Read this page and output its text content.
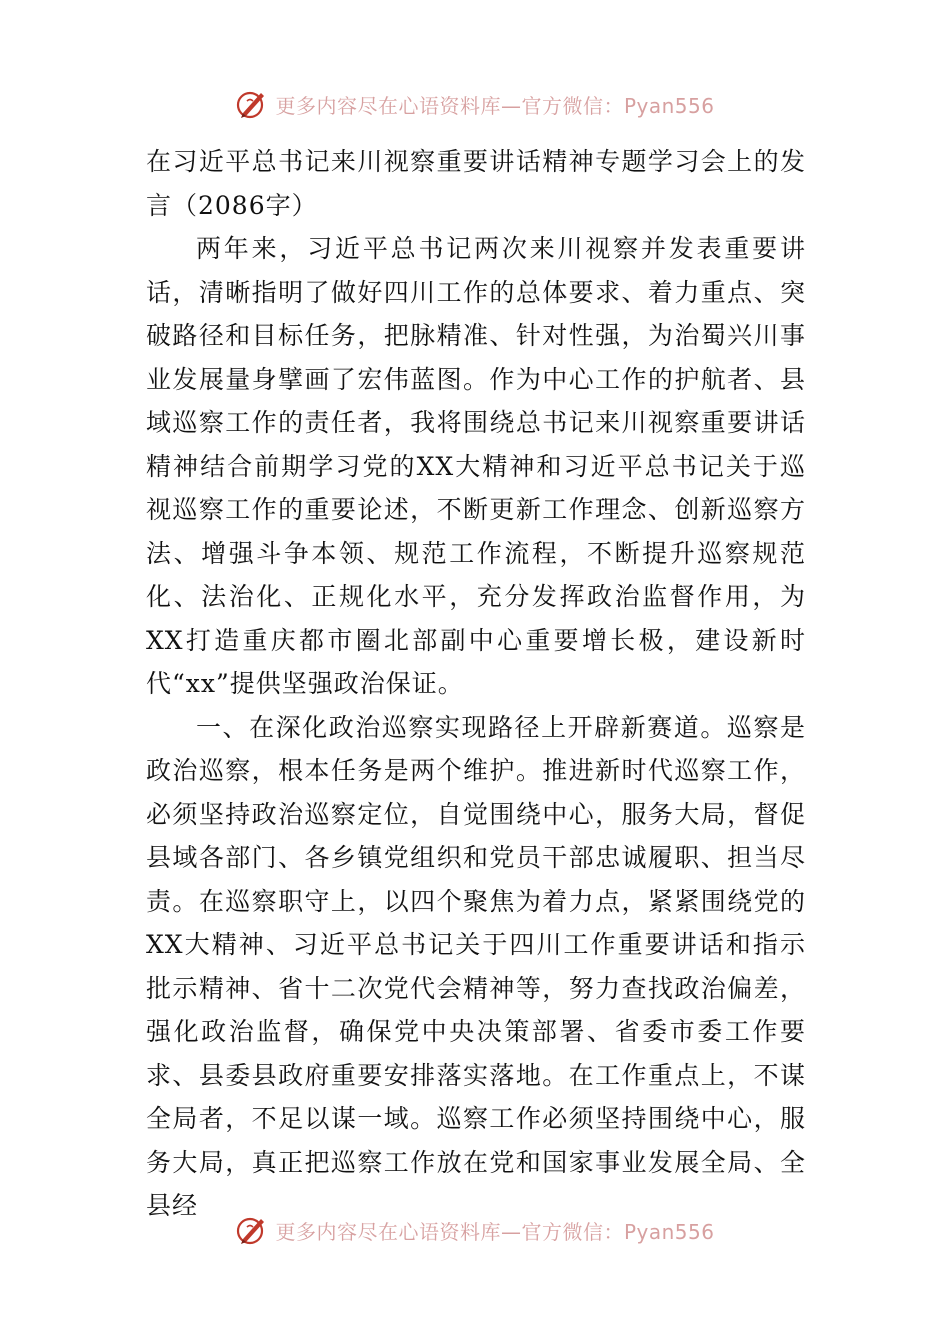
更多内容尽在心语资料库—官方微信：Pyan556
在习近平总书记来川视察重要讲话精神专题学习会上的发言（2086字）

两年来，习近平总书记两次来川视察并发表重要讲话，清晰指明了做好四川工作的总体要求、着力重点、突破路径和目标任务，把脉精准、针对性强，为治蜀兴川事业发展量身擘画了宏伟蓝图。作为中心工作的护航者、县域巡察工作的责任者，我将围绕总书记来川视察重要讲话精神结合前期学习党的XX大精神和习近平总书记关于巡视巡察工作的重要论述，不断更新工作理念、创新巡察方法、增强斗争本领、规范工作流程，不断提升巡察规范化、法治化、正规化水平，充分发挥政治监督作用，为XX打造重庆都市圈北部副中心重要增长极，建设新时代“xx”提供坚强政治保证。

一、在深化政治巡察实现路径上开辟新赛道。巡察是政治巡察，根本任务是两个维护。推进新时代巡察工作，必须坚持政治巡察定位，自觉围绕中心，服务大局，督促县域各部门、各乡镇党组织和党员干部忠诚履职、担当尽责。在巡察职守上，以四个聚焦为着力点，紧紧围绕党的XX大精神、习近平总书记关于四川工作重要讲话和指示批示精神、省十二次党代会精神等，努力查找政治偏差，强化政治监督，确保党中央决策部署、省委市委工作要求、县委县政府重要安排落实落地。在工作重点上，不谋全局者，不足以谋一域。巡察工作必须坚持围绕中心，服务大局，真正把巡察工作放在党和国家事业发展全局、全县经

更多内容尽在心语资料库—官方微信：Pyan556
